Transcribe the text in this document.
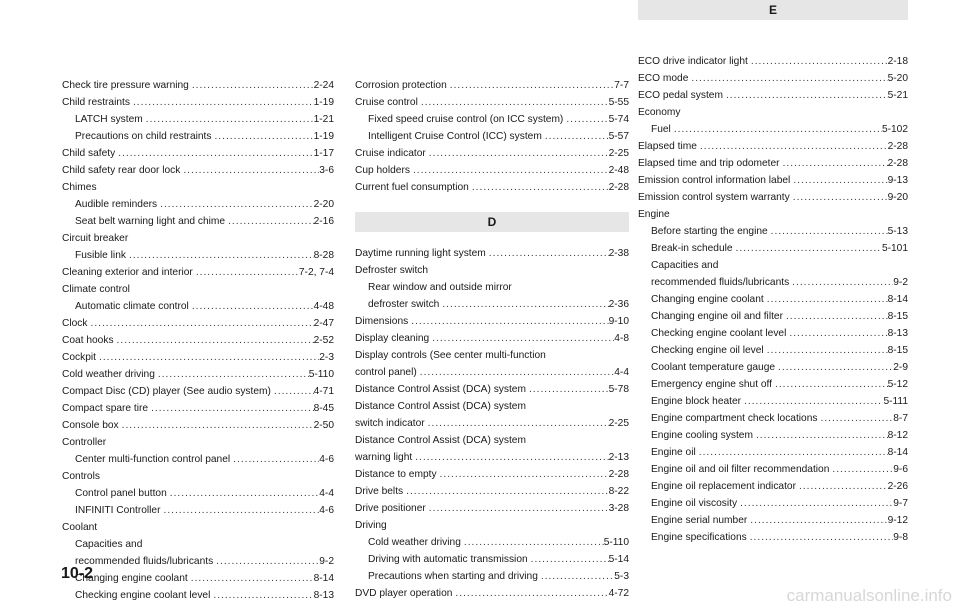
Check tire pressure warning .....	2-24
Child restraints .....	1-19
LATCH system .....	1-21
Precautions on child restraints .....	1-19
Child safety .....	1-17
Child safety rear door lock .....	3-6
Chimes
Audible reminders .....	2-20
Seat belt warning light and chime .....	2-16
Circuit breaker
Fusible link .....	8-28
Cleaning exterior and interior .....	7-2, 7-4
Climate control
Automatic climate control .....	4-48
Clock .....	2-47
Coat hooks .....	2-52
Cockpit .....	2-3
Cold weather driving .....	5-110
Compact Disc (CD) player (See audio system) .....	4-71
Compact spare tire .....	8-45
Console box .....	2-50
Controller
Center multi-function control panel .....	4-6
Controls
Control panel button .....	4-4
INFINITI Controller .....	4-6
Coolant
Capacities and
recommended fluids/lubricants .....	9-2
Changing engine coolant .....	8-14
Checking engine coolant level .....	8-13
Corrosion protection .....	7-7
Cruise control .....	5-55
Fixed speed cruise control (on ICC system) .....	5-74
Intelligent Cruise Control (ICC) system .....	5-57
Cruise indicator .....	2-25
Cup holders .....	2-48
Current fuel consumption .....	2-28
D
Daytime running light system .....	2-38
Defroster switch
Rear window and outside mirror
defroster switch .....	2-36
Dimensions .....	9-10
Display cleaning .....	4-8
Display controls (See center multi-function
control panel) .....	4-4
Distance Control Assist (DCA) system .....	5-78
Distance Control Assist (DCA) system
switch indicator .....	2-25
Distance Control Assist (DCA) system
warning light .....	2-13
Distance to empty .....	2-28
Drive belts .....	8-22
Drive positioner .....	3-28
Driving
Cold weather driving .....	5-110
Driving with automatic transmission .....	5-14
Precautions when starting and driving .....	5-3
DVD player operation .....	4-72
E
ECO drive indicator light .....	2-18
ECO mode .....	5-20
ECO pedal system .....	5-21
Economy
Fuel .....	5-102
Elapsed time .....	2-28
Elapsed time and trip odometer .....	2-28
Emission control information label .....	9-13
Emission control system warranty .....	9-20
Engine
Before starting the engine .....	5-13
Break-in schedule .....	5-101
Capacities and
recommended fluids/lubricants .....	9-2
Changing engine coolant .....	8-14
Changing engine oil and filter .....	8-15
Checking engine coolant level .....	8-13
Checking engine oil level .....	8-15
Coolant temperature gauge .....	2-9
Emergency engine shut off .....	5-12
Engine block heater .....	5-111
Engine compartment check locations .....	8-7
Engine cooling system .....	8-12
Engine oil .....	8-14
Engine oil and oil filter recommendation .....	9-6
Engine oil replacement indicator .....	2-26
Engine oil viscosity .....	9-7
Engine serial number .....	9-12
Engine specifications .....	9-8
10-2
carmanualsonline.info
